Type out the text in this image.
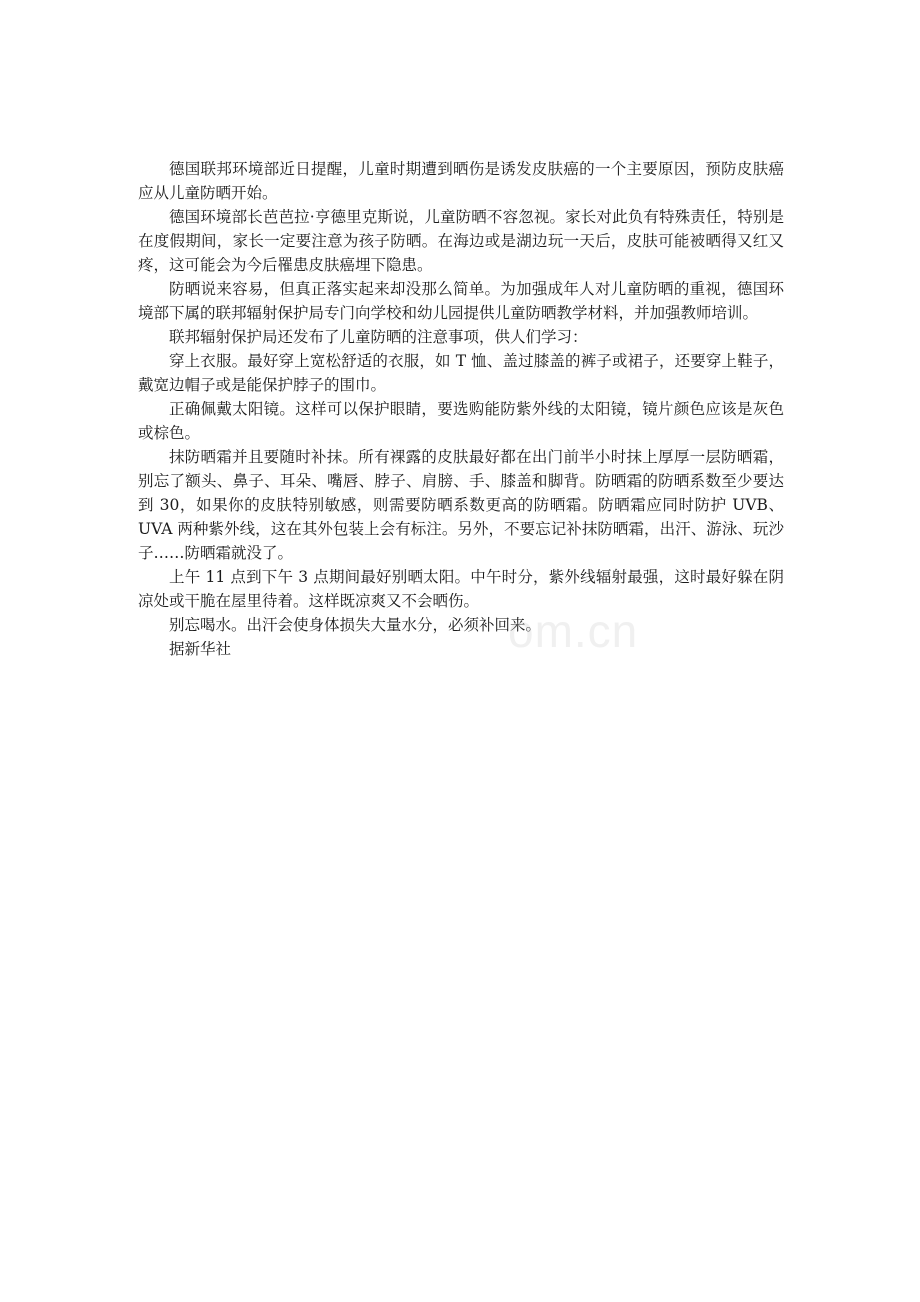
德国联邦环境部近日提醒，儿童时期遭到晒伤是诱发皮肤癌的一个主要原因，预防皮肤癌应从儿童防晒开始。

德国环境部长芭芭拉·亨德里克斯说，儿童防晒不容忽视。家长对此负有特殊责任，特别是在度假期间，家长一定要注意为孩子防晒。在海边或是湖边玩一天后，皮肤可能被晒得又红又疼，这可能会为今后罹患皮肤癌埋下隐患。

防晒说来容易，但真正落实起来却没那么简单。为加强成年人对儿童防晒的重视，德国环境部下属的联邦辐射保护局专门向学校和幼儿园提供儿童防晒教学材料，并加强教师培训。

联邦辐射保护局还发布了儿童防晒的注意事项，供人们学习：

穿上衣服。最好穿上宽松舒适的衣服，如 T 恤、盖过膝盖的裤子或裙子，还要穿上鞋子，戴宽边帽子或是能保护脖子的围巾。

正确佩戴太阳镜。这样可以保护眼睛，要选购能防紫外线的太阳镜，镜片颜色应该是灰色或棕色。

抹防晒霜并且要随时补抹。所有裸露的皮肤最好都在出门前半小时抹上厚厚一层防晒霜，别忘了额头、鼻子、耳朵、嘴唇、脖子、肩膀、手、膝盖和脚背。防晒霜的防晒系数至少要达到 30，如果你的皮肤特别敏感，则需要防晒系数更高的防晒霜。防晒霜应同时防护 UVB、UVA 两种紫外线，这在其外包装上会有标注。另外，不要忘记补抹防晒霜，出汗、游泳、玩沙子……防晒霜就没了。

上午 11 点到下午 3 点期间最好别晒太阳。中午时分，紫外线辐射最强，这时最好躲在阴凉处或干脆在屋里待着。这样既凉爽又不会晒伤。

别忘喝水。出汗会使身体损失大量水分，必须补回来。

据新华社	om.cn
